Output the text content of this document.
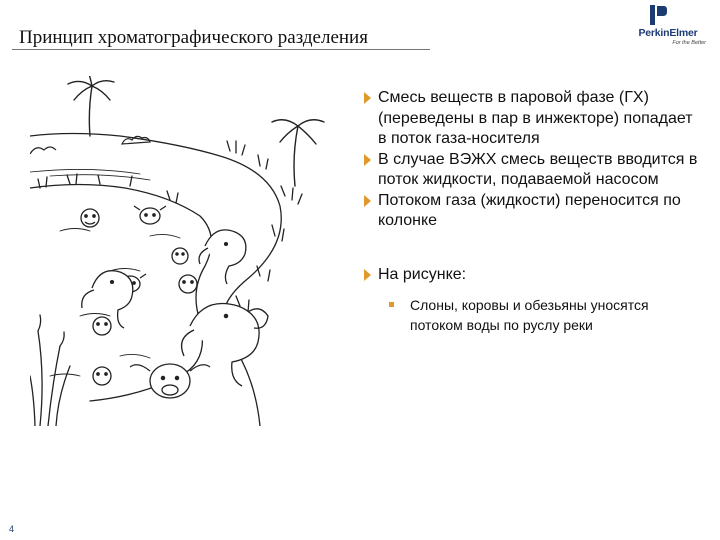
Принцип хроматографического разделения	PerkinElmer
For the Better
Смесь веществ в паровой фазе (ГХ) (переведены в пар в инжекторе) попадает в поток газа-носителя
В случае ВЭЖХ смесь веществ вводится в поток жидкости, подаваемой насосом
Потоком газа (жидкости) переносится по колонке
На рисунке:
Слоны, коровы и обезьяны уносятся потоком воды по руслу реки
4
